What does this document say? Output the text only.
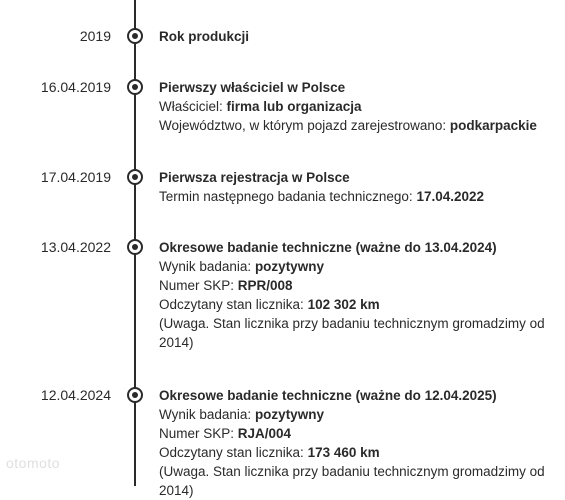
2019	Rok produkcji
16.04.2019	Pierwszy właściciel w Polsce
Właściciel: firma lub organizacja
Województwo, w którym pojazd zarejestrowano: podkarpackie
17.04.2019	Pierwsza rejestracja w Polsce
Termin następnego badania technicznego: 17.04.2022
13.04.2022	Okresowe badanie techniczne (ważne do 13.04.2024)
Wynik badania: pozytywny
Numer SKP: RPR/008
Odczytany stan licznika: 102 302 km
(Uwaga. Stan licznika przy badaniu technicznym gromadzimy od 2014)
12.04.2024	Okresowe badanie techniczne (ważne do 12.04.2025)
Wynik badania: pozytywny
Numer SKP: RJA/004
Odczytany stan licznika: 173 460 km
(Uwaga. Stan licznika przy badaniu technicznym gromadzimy od 2014)
otomoto
